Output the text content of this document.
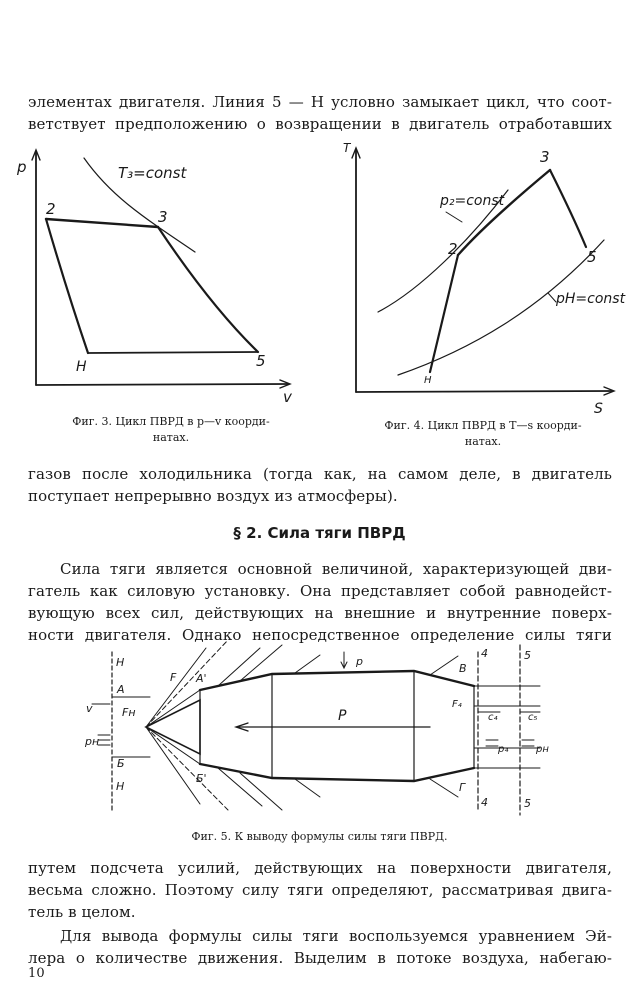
элементах двигателя. Линия 5 — Н условно замыкает цикл, что соот-
ветствует предположению о возвращении в двигатель отработавших
p
v
T₃=const
2	3
5
H
Фиг. 3. Цикл ПВРД в p—v коорди-
натах.
T
S
p₂=const
pH=const
3
2	5
H
Фиг. 4. Цикл ПВРД в T—s коорди-
натах.
газов после холодильника (тогда как, на самом деле, в двигатель
поступает непрерывно воздух из атмосферы).
§ 2. Сила тяги ПВРД
Сила тяги является основной величиной, характеризующей дви-
гатель как силовую установку. Она представляет собой равнодейст-
вующую всех сил, действующих на внешние и внутренние поверх-
ности двигателя. Однако непосредственное определение силы тяги
H
A
v	Fн
pн
Б
H
F A'
Б'
P
p
В
Г
F₄
c₄	c₅
p₄	pн
4
4
5
5
Фиг. 5. К выводу формулы силы тяги ПВРД.
путем подсчета усилий, действующих на поверхности двигателя,
весьма сложно. Поэтому силу тяги определяют, рассматривая двига-
тель в целом.
Для вывода формулы силы тяги воспользуемся уравнением Эй-
лера о количестве движения. Выделим в потоке воздуха, набегаю-
10
